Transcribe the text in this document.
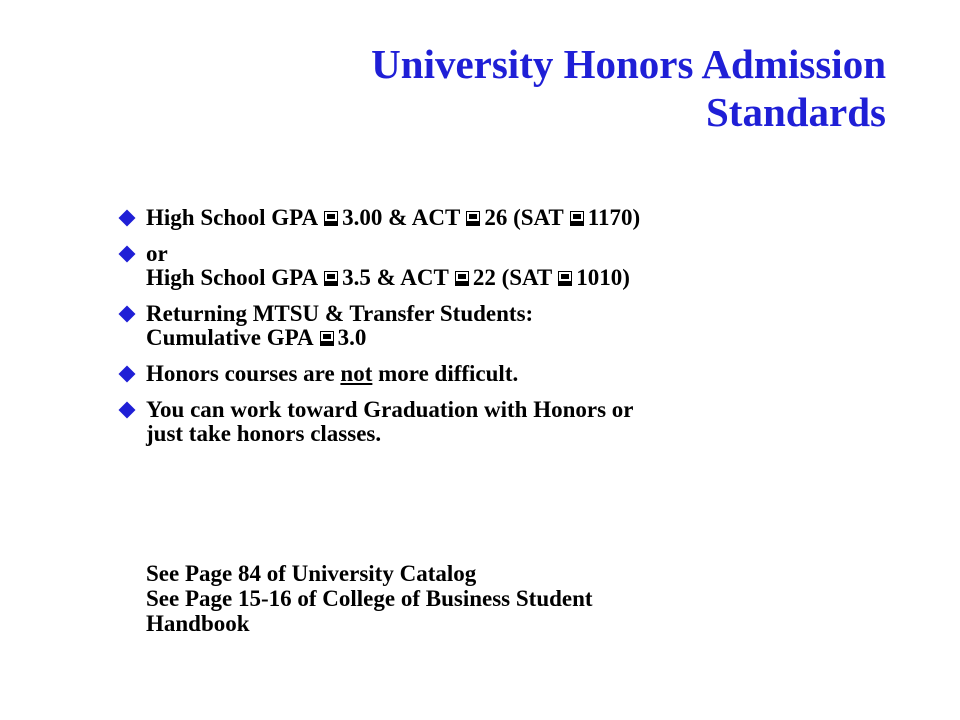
University Honors Admission
Standards
High School GPA 3.00 & ACT 26 (SAT 1170)
or
High School GPA 3.5 & ACT 22 (SAT 1010)
Returning MTSU & Transfer Students:
Cumulative GPA 3.0
Honors courses are not more difficult.
You can work toward Graduation with Honors or
just take honors classes.
See Page 84 of University Catalog
See Page 15-16 of College of Business Student
Handbook
